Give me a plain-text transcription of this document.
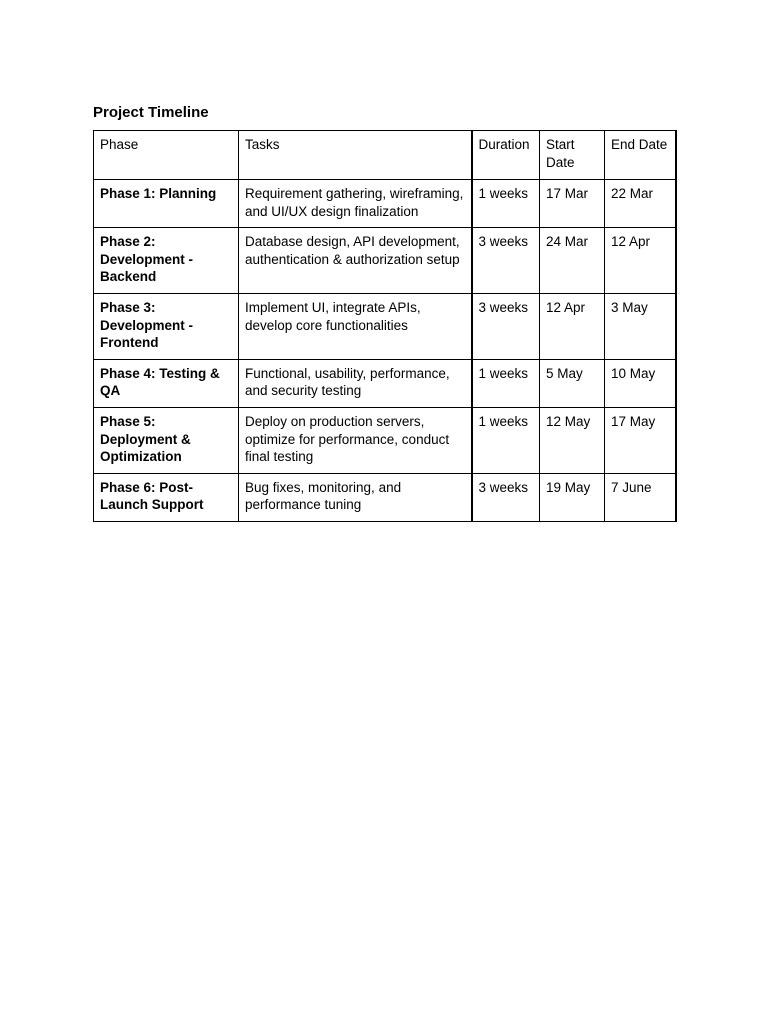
Project Timeline
Phase	Tasks	Duration	Start Date	End Date
Phase 1: Planning	Requirement gathering, wireframing, and UI/UX design finalization	1 weeks	17 Mar	22 Mar
Phase 2: Development - Backend	Database design, API development, authentication & authorization setup	3 weeks	24 Mar	12 Apr
Phase 3: Development - Frontend	Implement UI, integrate APIs, develop core functionalities	3 weeks	12 Apr	3 May
Phase 4: Testing & QA	Functional, usability, performance, and security testing	1 weeks	5 May	10 May
Phase 5: Deployment & Optimization	Deploy on production servers, optimize for performance, conduct final testing	1 weeks	12 May	17 May
Phase 6: Post-Launch Support	Bug fixes, monitoring, and performance tuning	3 weeks	19 May	7 June
